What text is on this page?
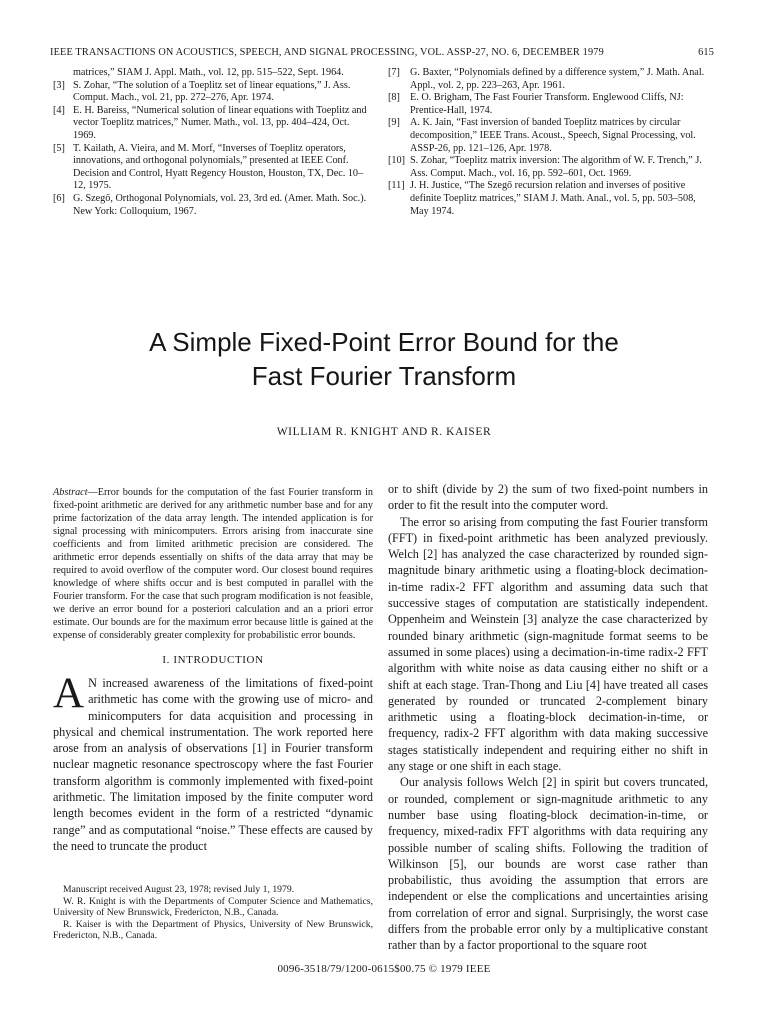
IEEE TRANSACTIONS ON ACOUSTICS, SPEECH, AND SIGNAL PROCESSING, VOL. ASSP-27, NO. 6, DECEMBER 1979	615
matrices,” SIAM J. Appl. Math., vol. 12, pp. 515–522, Sept. 1964.
[3] S. Zohar, “The solution of a Toeplitz set of linear equations,” J. Ass. Comput. Mach., vol. 21, pp. 272–276, Apr. 1974.
[4] E. H. Bareiss, “Numerical solution of linear equations with Toeplitz and vector Toeplitz matrices,” Numer. Math., vol. 13, pp. 404–424, Oct. 1969.
[5] T. Kailath, A. Vieira, and M. Morf, “Inverses of Toeplitz operators, innovations, and orthogonal polynomials,” presented at IEEE Conf. Decision and Control, Hyatt Regency Houston, Houston, TX, Dec. 10–12, 1975.
[6] G. Szegő, Orthogonal Polynomials, vol. 23, 3rd ed. (Amer. Math. Soc.). New York: Colloquium, 1967.
[7] G. Baxter, “Polynomials defined by a difference system,” J. Math. Anal. Appl., vol. 2, pp. 223–263, Apr. 1961.
[8] E. O. Brigham, The Fast Fourier Transform. Englewood Cliffs, NJ: Prentice-Hall, 1974.
[9] A. K. Jain, “Fast inversion of banded Toeplitz matrices by circular decomposition,” IEEE Trans. Acoust., Speech, Signal Processing, vol. ASSP-26, pp. 121–126, Apr. 1978.
[10] S. Zohar, “Toeplitz matrix inversion: The algorithm of W. F. Trench,” J. Ass. Comput. Mach., vol. 16, pp. 592–601, Oct. 1969.
[11] J. H. Justice, “The Szegő recursion relation and inverses of positive definite Toeplitz matrices,” SIAM J. Math. Anal., vol. 5, pp. 503–508, May 1974.
A Simple Fixed-Point Error Bound for the
Fast Fourier Transform
WILLIAM R. KNIGHT AND R. KAISER

Abstract—Error bounds for the computation of the fast Fourier transform in fixed-point arithmetic are derived for any arithmetic number base and for any prime factorization of the data array length. The intended application is for signal processing with minicomputers. Errors arising from inaccurate sine coefficients and from limited arithmetic precision are considered. The arithmetic error depends essentially on shifts of the data array that may be required to avoid overflow of the computer word. Our closest bound requires knowledge of where shifts occur and is best computed in parallel with the Fourier transform. For the case that such program modification is not feasible, we derive an error bound for a posteriori calculation and an a priori error estimate. Our bounds are for the maximum error because little is gained at the expense of considerably greater complexity for probabilistic error bounds.

I. INTRODUCTION

A N increased awareness of the limitations of fixed-point arithmetic has come with the growing use of micro- and minicomputers for data acquisition and processing in physical and chemical instrumentation. The work reported here arose from an analysis of observations [1] in Fourier transform nuclear magnetic resonance spectroscopy where the fast Fourier transform algorithm is commonly implemented with fixed-point arithmetic. The limitation imposed by the finite computer word length becomes evident in the form of a restricted “dynamic range” and as computational “noise.” These effects are caused by the need to truncate the product

Manuscript received August 23, 1978; revised July 1, 1979.

W. R. Knight is with the Departments of Computer Science and Mathematics, University of New Brunswick, Fredericton, N.B., Canada.

R. Kaiser is with the Department of Physics, University of New Brunswick, Fredericton, N.B., Canada.

or to shift (divide by 2) the sum of two fixed-point numbers in order to fit the result into the computer word.

The error so arising from computing the fast Fourier transform (FFT) in fixed-point arithmetic has been analyzed previously. Welch [2] has analyzed the case characterized by rounded sign-magnitude binary arithmetic using a floating-block decimation-in-time radix-2 FFT algorithm and assuming data such that successive stages of computation are statistically independent. Oppenheim and Weinstein [3] analyze the case characterized by rounded binary arithmetic (sign-magnitude format seems to be assumed in some places) using a decimation-in-time radix-2 FFT algorithm with white noise as data causing either no shift or a shift at each stage. Tran-Thong and Liu [4] have treated all cases generated by rounded or truncated 2-complement binary arithmetic using a floating-block decimation-in-time, or frequency, radix-2 FFT algorithm with data making successive stages statistically independent and requiring either no shift in any stage or one shift in each stage.

Our analysis follows Welch [2] in spirit but covers truncated, or rounded, complement or sign-magnitude arithmetic to any number base using floating-block decimation-in-time, or frequency, mixed-radix FFT algorithms with data requiring any possible number of scaling shifts. Following the tradition of Wilkinson [5], our bounds are worst case rather than probabilistic, thus avoiding the assumption that errors are independent or else the complications and uncertainties arising from correlation of error and signal. Surprisingly, the worst case differs from the probable error only by a multiplicative constant rather than by a factor proportional to the square root

0096-3518/79/1200-0615$00.75 © 1979 IEEE
